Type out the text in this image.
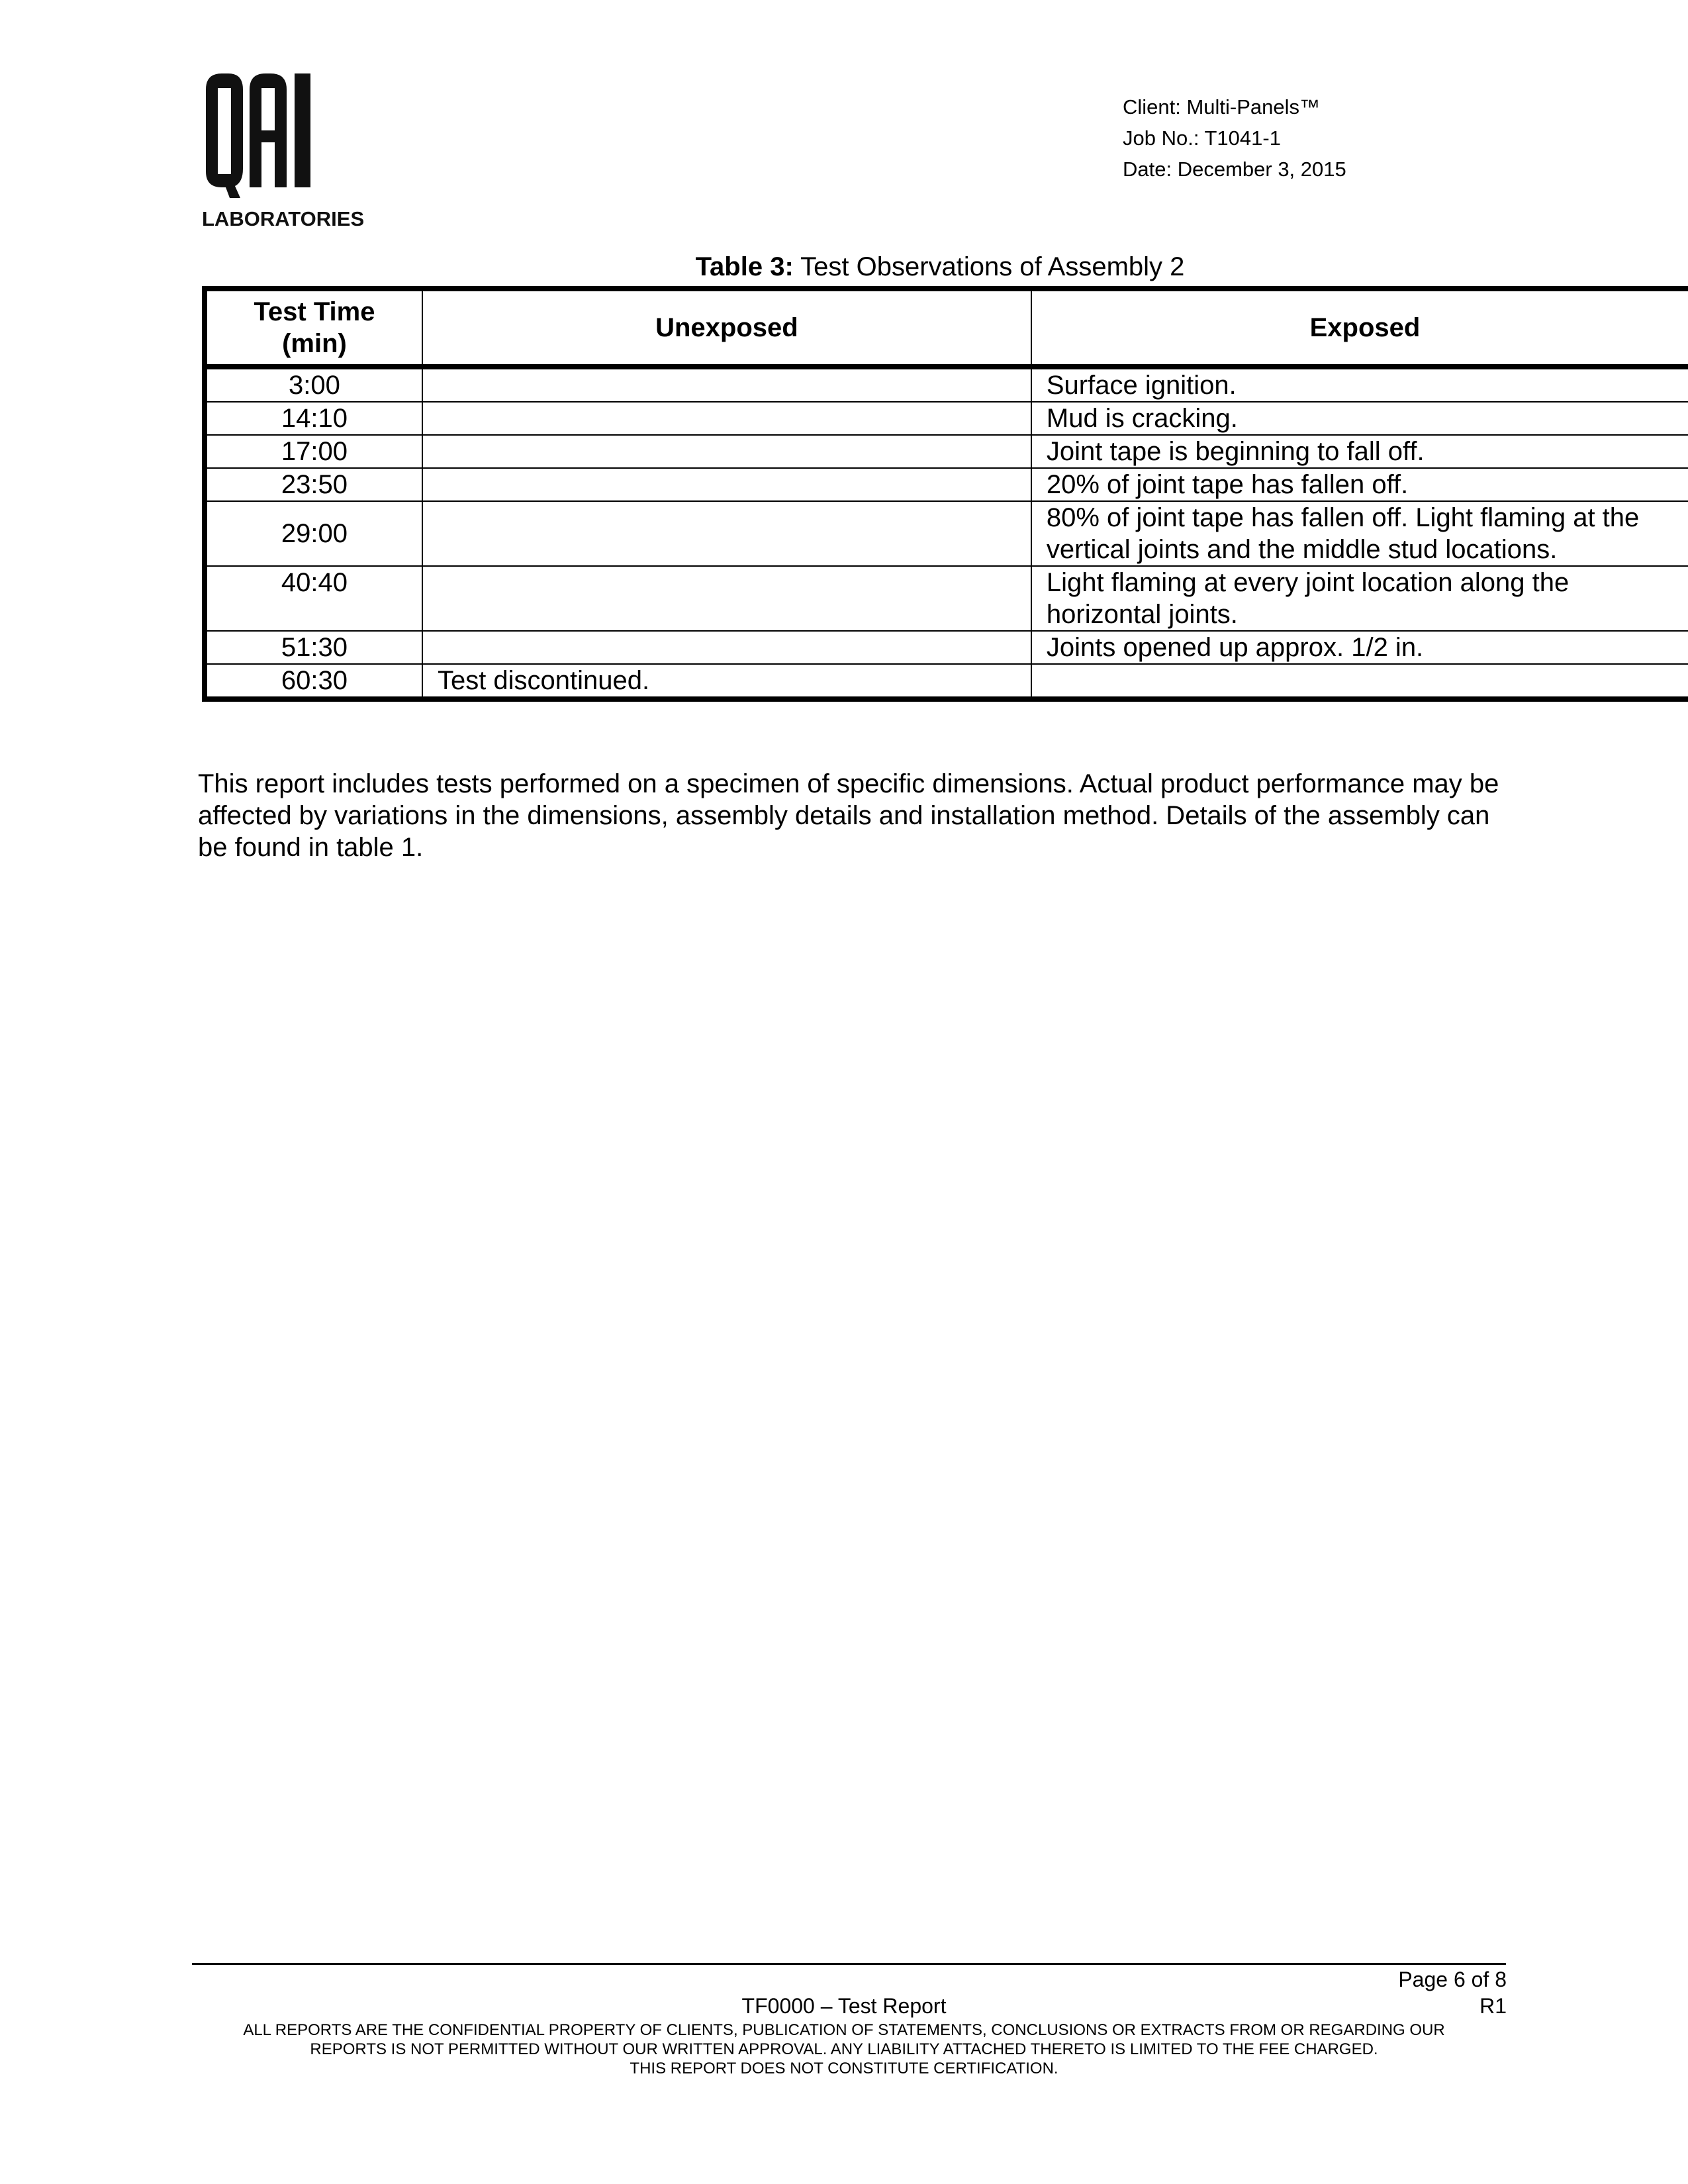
LABORATORIES
Client: Multi-Panels™
Job No.: T1041-1
Date: December 3, 2015
Table 3: Test Observations of Assembly 2
Test Time
(min)	Unexposed	Exposed
3:00		Surface ignition.
14:10		Mud is cracking.
17:00		Joint tape is beginning to fall off.
23:50		20% of joint tape has fallen off.
29:00		80% of joint tape has fallen off. Light flaming at the vertical joints and the middle stud locations.
40:40		Light flaming at every joint location along the horizontal joints.
51:30		Joints opened up approx. 1/2 in.
60:30	Test discontinued.	
This report includes tests performed on a specimen of specific dimensions. Actual product performance may be affected by variations in the dimensions, assembly details and installation method. Details of the assembly can be found in table 1.
Page 6 of 8
TF0000 – Test Report	R1
ALL REPORTS ARE THE CONFIDENTIAL PROPERTY OF CLIENTS, PUBLICATION OF STATEMENTS, CONCLUSIONS OR EXTRACTS FROM OR REGARDING OUR
REPORTS IS NOT PERMITTED WITHOUT OUR WRITTEN APPROVAL. ANY LIABILITY ATTACHED THERETO IS LIMITED TO THE FEE CHARGED.
THIS REPORT DOES NOT CONSTITUTE CERTIFICATION.
